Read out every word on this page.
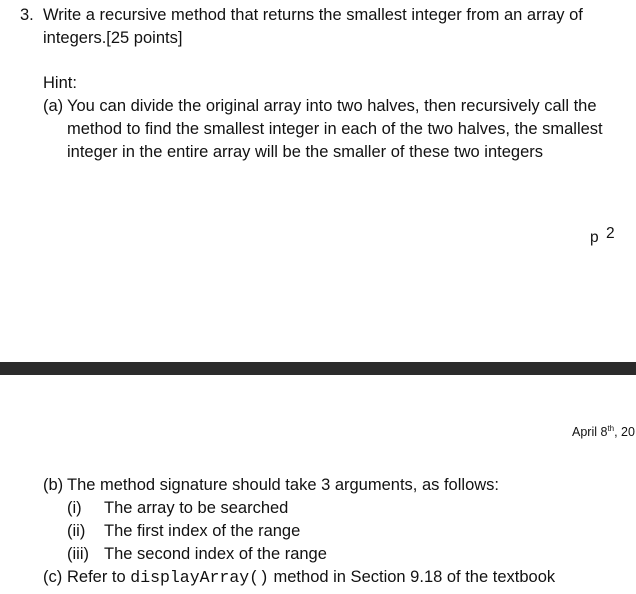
3. Write a recursive method that returns the smallest integer from an array of
integers.[25 points]
Hint:
(a) You can divide the original array into two halves, then recursively call the
method to find the smallest integer in each of the two halves, the smallest
integer in the entire array will be the smaller of these two integers
p 2
April 8th, 20
(b) The method signature should take 3 arguments, as follows:
(i) The array to be searched
(ii) The first index of the range
(iii) The second index of the range
(c) Refer to displayArray() method in Section 9.18 of the textbook
